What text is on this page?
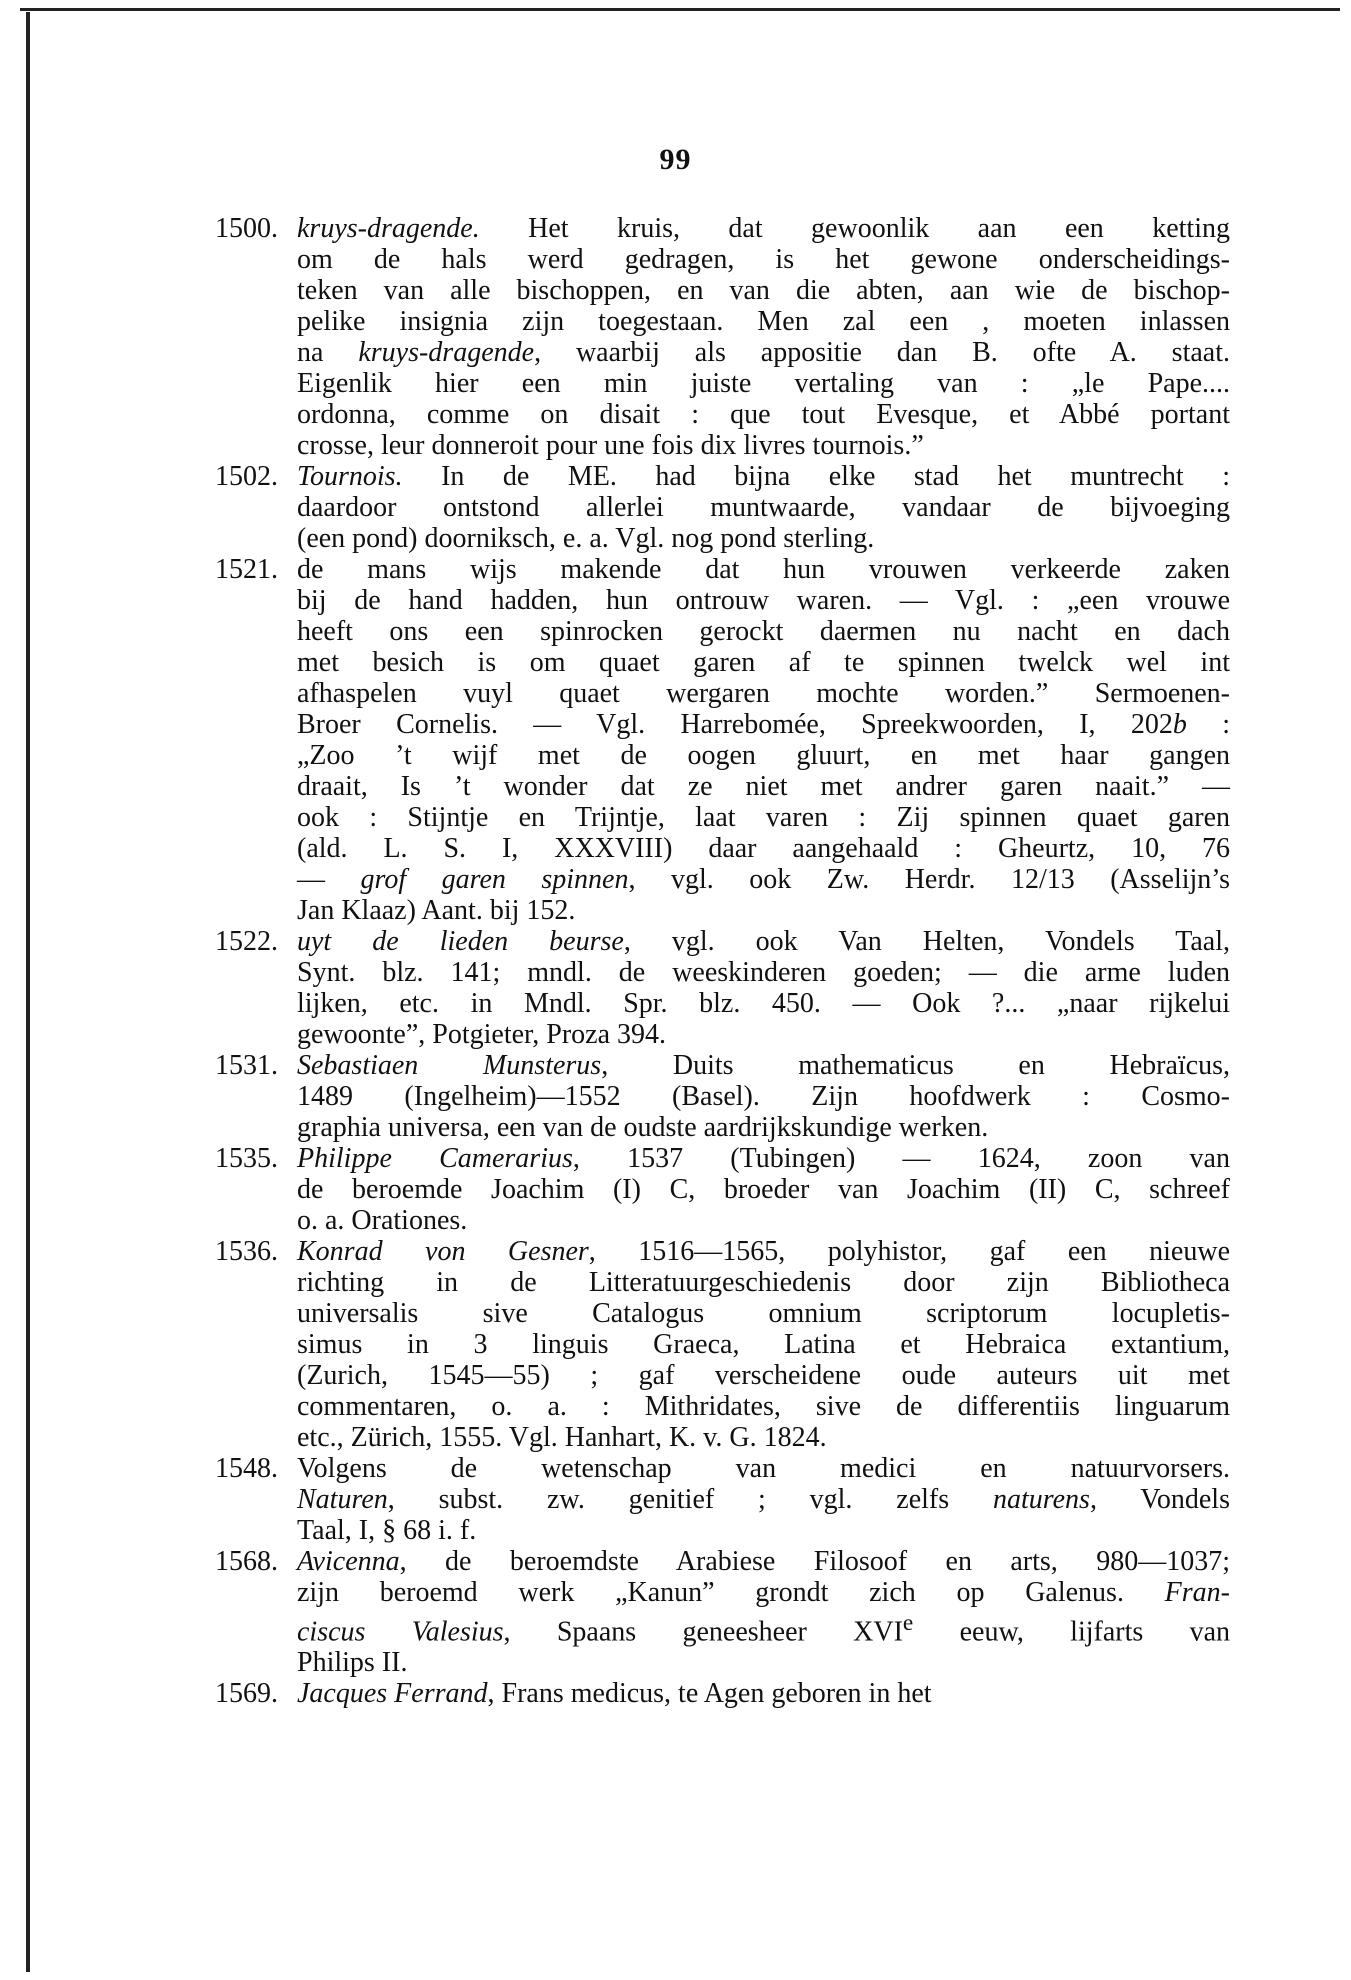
99
1500. kruys-dragende. Het kruis, dat gewoonlik aan een ketting
om de hals werd gedragen, is het gewone onderscheidings-
teken van alle bischoppen, en van die abten, aan wie de bischop-
pelike insignia zijn toegestaan. Men zal een , moeten inlassen
na kruys-dragende, waarbij als appositie dan B. ofte A. staat.
Eigenlik hier een min juiste vertaling van : „le Pape....
ordonna, comme on disait : que tout Evesque, et Abbé portant
crosse, leur donneroit pour une fois dix livres tournois.”
1502. Tournois. In de ME. had bijna elke stad het muntrecht :
daardoor ontstond allerlei muntwaarde, vandaar de bijvoeging
(een pond) doorniksch, e. a. Vgl. nog pond sterling.
1521. de mans wijs makende dat hun vrouwen verkeerde zaken
bij de hand hadden, hun ontrouw waren. — Vgl. : „een vrouwe
heeft ons een spinrocken gerockt daermen nu nacht en dach
met besich is om quaet garen af te spinnen twelck wel int
afhaspelen vuyl quaet wergaren mochte worden.” Sermoenen-
Broer Cornelis. — Vgl. Harrebomée, Spreekwoorden, I, 202b :
„Zoo ’t wijf met de oogen gluurt, en met haar gangen
draait, Is ’t wonder dat ze niet met andrer garen naait.” —
ook : Stijntje en Trijntje, laat varen : Zij spinnen quaet garen
(ald. L. S. I, XXXVIII) daar aangehaald : Gheurtz, 10, 76
— grof garen spinnen, vgl. ook Zw. Herdr. 12/13 (Asselijn’s
Jan Klaaz) Aant. bij 152.
1522. uyt de lieden beurse, vgl. ook Van Helten, Vondels Taal,
Synt. blz. 141; mndl. de weeskinderen goeden; — die arme luden
lijken, etc. in Mndl. Spr. blz. 450. — Ook ?... „naar rijkelui
gewoonte”, Potgieter, Proza 394.
1531. Sebastiaen Munsterus, Duits mathematicus en Hebraïcus,
1489 (Ingelheim)—1552 (Basel). Zijn hoofdwerk : Cosmo-
graphia universa, een van de oudste aardrijkskundige werken.
1535. Philippe Camerarius, 1537 (Tubingen) — 1624, zoon van
de beroemde Joachim (I) C, broeder van Joachim (II) C, schreef
o. a. Orationes.
1536. Konrad von Gesner, 1516—1565, polyhistor, gaf een nieuwe
richting in de Litteratuurgeschiedenis door zijn Bibliotheca
universalis sive Catalogus omnium scriptorum locupletis-
simus in 3 linguis Graeca, Latina et Hebraica extantium,
(Zurich, 1545—55) ; gaf verscheidene oude auteurs uit met
commentaren, o. a. : Mithridates, sive de differentiis linguarum
etc., Zürich, 1555. Vgl. Hanhart, K. v. G. 1824.
1548. Volgens de wetenschap van medici en natuurvorsers.
Naturen, subst. zw. genitief ; vgl. zelfs naturens, Vondels
Taal, I, § 68 i. f.
1568. Avicenna, de beroemdste Arabiese Filosoof en arts, 980—1037;
zijn beroemd werk „Kanun” grondt zich op Galenus. Fran-
ciscus Valesius, Spaans geneesheer XVIe eeuw, lijfarts van
Philips II.
1569. Jacques Ferrand, Frans medicus, te Agen geboren in het
